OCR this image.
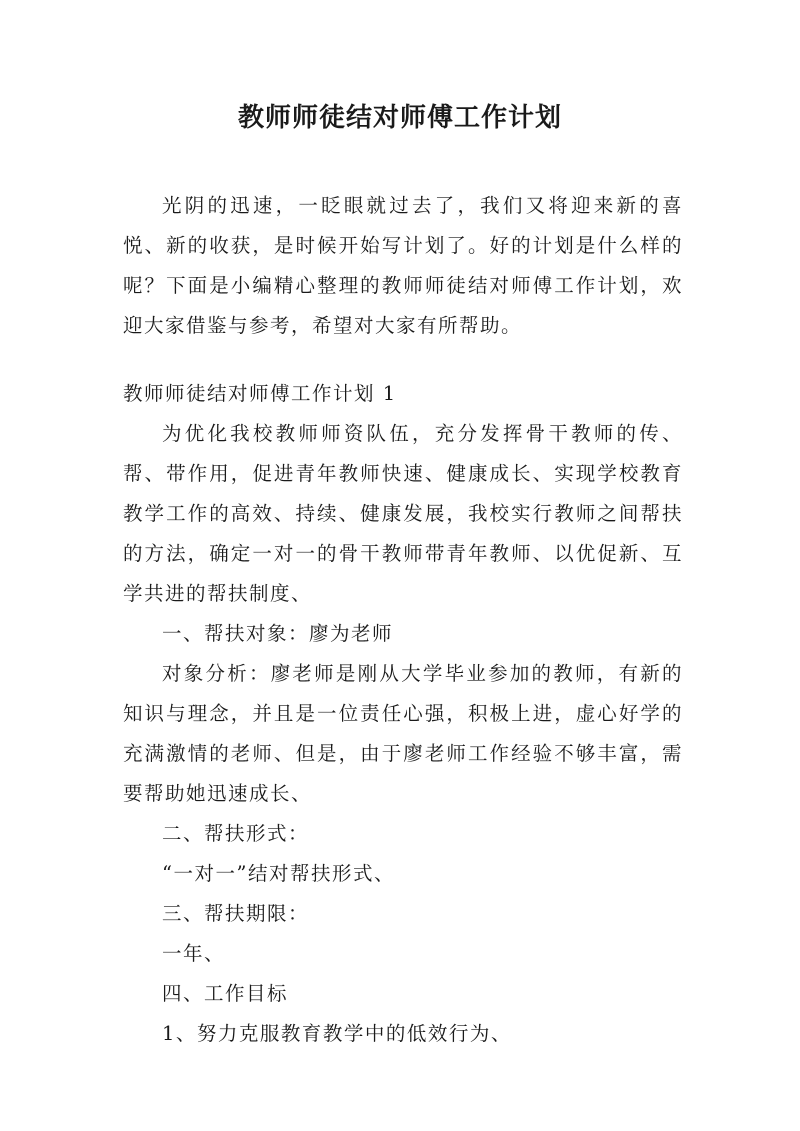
教师师徒结对师傅工作计划

光阴的迅速，一眨眼就过去了，我们又将迎来新的喜悦、新的收获，是时候开始写计划了。好的计划是什么样的呢？下面是小编精心整理的教师师徒结对师傅工作计划，欢迎大家借鉴与参考，希望对大家有所帮助。

教师师徒结对师傅工作计划 1

为优化我校教师师资队伍，充分发挥骨干教师的传、帮、带作用，促进青年教师快速、健康成长、实现学校教育教学工作的高效、持续、健康发展，我校实行教师之间帮扶的方法，确定一对一的骨干教师带青年教师、以优促新、互学共进的帮扶制度、

一、帮扶对象：廖为老师

对象分析：廖老师是刚从大学毕业参加的教师，有新的知识与理念，并且是一位责任心强，积极上进，虚心好学的充满激情的老师、但是，由于廖老师工作经验不够丰富，需要帮助她迅速成长、

二、帮扶形式：

“一对一”结对帮扶形式、

三、帮扶期限：

一年、

四、工作目标

1、努力克服教育教学中的低效行为、
